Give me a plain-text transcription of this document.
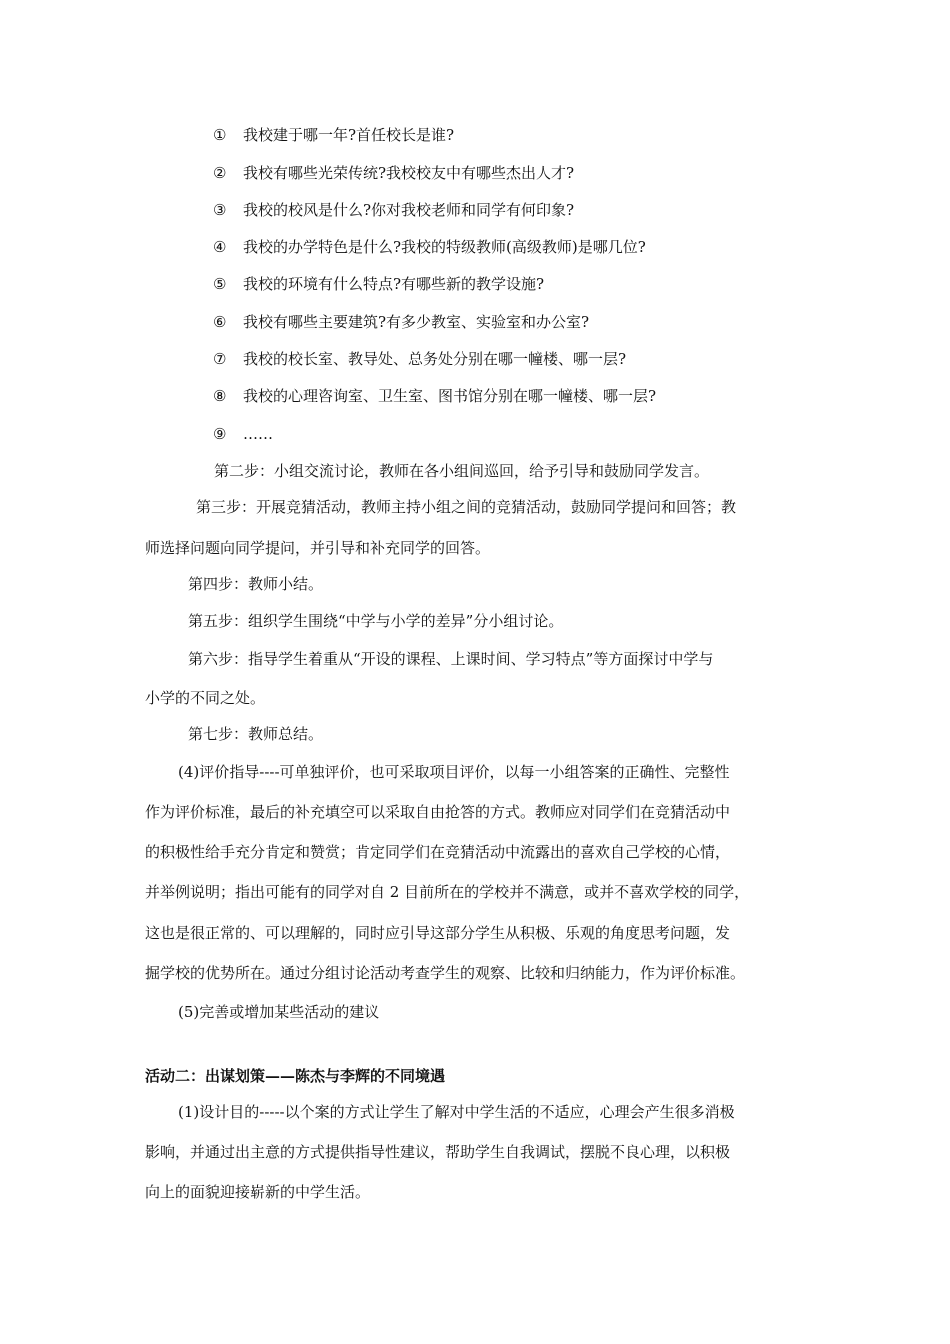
① 我校建于哪一年?首任校长是谁?
② 我校有哪些光荣传统?我校校友中有哪些杰出人才?
③ 我校的校风是什么?你对我校老师和同学有何印象?
④ 我校的办学特色是什么?我校的特级教师(高级教师)是哪几位?
⑤ 我校的环境有什么特点?有哪些新的教学设施?
⑥ 我校有哪些主要建筑?有多少教室、实验室和办公室?
⑦ 我校的校长室、教导处、总务处分别在哪一幢楼、哪一层?
⑧ 我校的心理咨询室、卫生室、图书馆分别在哪一幢楼、哪一层?
⑨ ……
第二步：小组交流讨论，教师在各小组间巡回，给予引导和鼓励同学发言。
第三步：开展竞猜活动，教师主持小组之间的竞猜活动，鼓励同学提问和回答；教
师选择问题向同学提问，并引导和补充同学的回答。
第四步：教师小结。
第五步：组织学生围绕“中学与小学的差异”分小组讨论。
第六步：指导学生着重从“开设的课程、上课时间、学习特点”等方面探讨中学与
小学的不同之处。
第七步：教师总结。
(4)评价指导----可单独评价，也可采取项目评价，以每一小组答案的正确性、完整性
作为评价标准，最后的补充填空可以采取自由抢答的方式。教师应对同学们在竞猜活动中
的积极性给手充分肯定和赞赏；肯定同学们在竞猜活动中流露出的喜欢自己学校的心情，
并举例说明；指出可能有的同学对自 2 目前所在的学校并不满意，或并不喜欢学校的同学，
这也是很正常的、可以理解的，同时应引导这部分学生从积极、乐观的角度思考问题，发
掘学校的优势所在。通过分组讨论活动考查学生的观察、比较和归纳能力，作为评价标准。
(5)完善或增加某些活动的建议
活动二：出谋划策——陈杰与李辉的不同境遇
(1)设计目的-----以个案的方式让学生了解对中学生活的不适应，心理会产生很多消极
影响，并通过出主意的方式提供指导性建议，帮助学生自我调试，摆脱不良心理，以积极
向上的面貌迎接崭新的中学生活。
